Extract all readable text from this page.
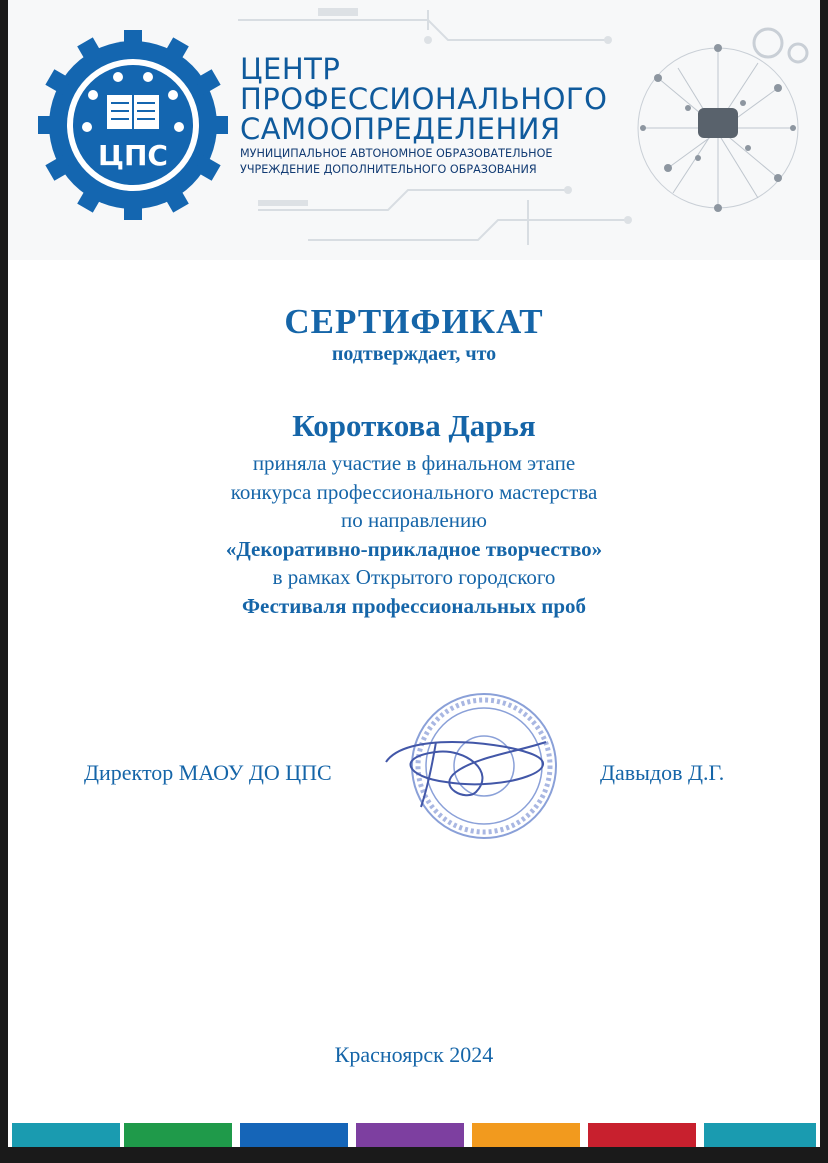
ЦПС
ЦЕНТР
ПРОФЕССИОНАЛЬНОГО
САМООПРЕДЕЛЕНИЯ
МУНИЦИПАЛЬНОЕ АВТОНОМНОЕ ОБРАЗОВАТЕЛЬНОЕ
УЧРЕЖДЕНИЕ ДОПОЛНИТЕЛЬНОГО ОБРАЗОВАНИЯ
СЕРТИФИКАТ
подтверждает, что
Короткова Дарья
приняла участие в финальном этапе
конкурса профессионального мастерства
по направлению
«Декоративно-прикладное творчество»
в рамках Открытого городского
Фестиваля профессиональных проб
Директор МАОУ ДО ЦПС	Давыдов Д.Г.
Красноярск 2024
